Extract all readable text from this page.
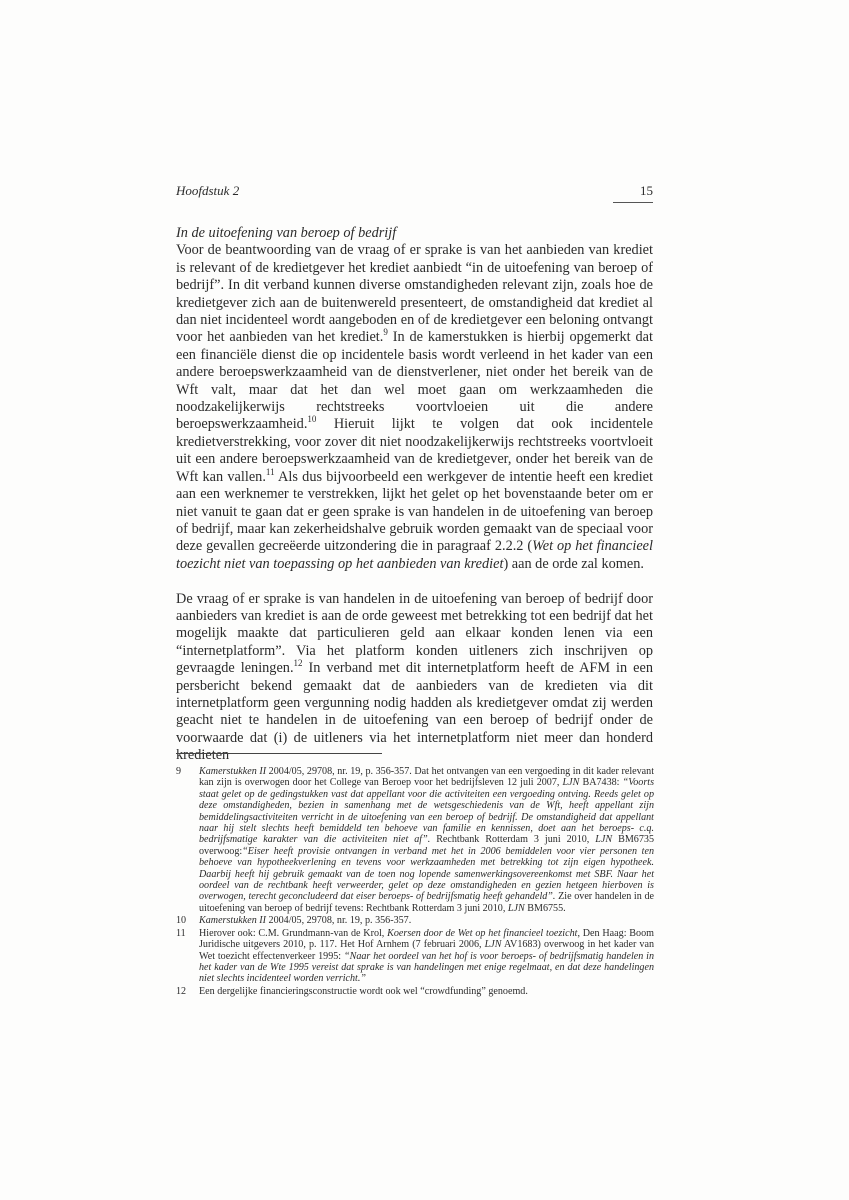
Hoofdstuk 2	15

In de uitoefening van beroep of bedrijf

Voor de beantwoording van de vraag of er sprake is van het aanbieden van krediet is relevant of de kredietgever het krediet aanbiedt “in de uitoefening van beroep of bedrijf”. In dit verband kunnen diverse omstandigheden relevant zijn, zoals hoe de kredietgever zich aan de buitenwereld presenteert, de omstandigheid dat krediet al dan niet incidenteel wordt aangeboden en of de kredietgever een beloning ontvangt voor het aanbieden van het krediet.$^9$ In de kamerstukken is hierbij opgemerkt dat een financiële dienst die op incidentele basis wordt verleend in het kader van een andere beroepswerkzaamheid van de dienstverlener, niet onder het bereik van de Wft valt, maar dat het dan wel moet gaan om werkzaamheden die noodzakelijkerwijs rechtstreeks voortvloeien uit die andere beroepswerkzaamheid.$^{10}$ Hieruit lijkt te volgen dat ook incidentele kredietverstrekking, voor zover dit niet noodzakelijkerwijs rechtstreeks voortvloeit uit een andere beroepswerkzaamheid van de kredietgever, onder het bereik van de Wft kan vallen.$^{11}$ Als dus bijvoorbeeld een werkgever de intentie heeft een krediet aan een werknemer te verstrekken, lijkt het gelet op het bovenstaande beter om er niet vanuit te gaan dat er geen sprake is van handelen in de uitoefening van beroep of bedrijf, maar kan zekerheidshalve gebruik worden gemaakt van de speciaal voor deze gevallen gecreëerde uitzondering die in paragraaf 2.2.2 (Wet op het financieel toezicht niet van toepassing op het aanbieden van krediet) aan de orde zal komen.

De vraag of er sprake is van handelen in de uitoefening van beroep of bedrijf door aanbieders van krediet is aan de orde geweest met betrekking tot een bedrijf dat het mogelijk maakte dat particulieren geld aan elkaar konden lenen via een “internetplatform”. Via het platform konden uitleners zich inschrijven op gevraagde leningen.$^{12}$ In verband met dit internetplatform heeft de AFM in een persbericht bekend gemaakt dat de aanbieders van de kredieten via dit internetplatform geen vergunning nodig hadden als kredietgever omdat zij werden geacht niet te handelen in de uitoefening van een beroep of bedrijf onder de voorwaarde dat (i) de uitleners via het internetplatform niet meer dan honderd kredieten

9	Kamerstukken II 2004/05, 29708, nr. 19, p. 356-357. Dat het ontvangen van een vergoeding in dit kader relevant kan zijn is overwogen door het College van Beroep voor het bedrijfsleven 12 juli 2007, LJN BA7438: “Voorts staat gelet op de gedingstukken vast dat appellant voor die activiteiten een vergoeding ontving. Reeds gelet op deze omstandigheden, bezien in samenhang met de wetsgeschiedenis van de Wft, heeft appellant zijn bemiddelingsactiviteiten verricht in de uitoefening van een beroep of bedrijf. De omstandigheid dat appellant naar hij stelt slechts heeft bemiddeld ten behoeve van familie en kennissen, doet aan het beroeps- c.q. bedrijfsmatige karakter van die activiteiten niet af”. Rechtbank Rotterdam 3 juni 2010, LJN BM6735 overwoog:“Eiser heeft provisie ontvangen in verband met het in 2006 bemiddelen voor vier personen ten behoeve van hypotheekverlening en tevens voor werkzaamheden met betrekking tot zijn eigen hypotheek. Daarbij heeft hij gebruik gemaakt van de toen nog lopende samenwerkingsovereenkomst met SBF. Naar het oordeel van de rechtbank heeft verweerder, gelet op deze omstandigheden en gezien hetgeen hierboven is overwogen, terecht geconcludeerd dat eiser beroeps- of bedrijfsmatig heeft gehandeld”. Zie over handelen in de uitoefening van beroep of bedrijf tevens: Rechtbank Rotterdam 3 juni 2010, LJN BM6755.
10	Kamerstukken II 2004/05, 29708, nr. 19, p. 356-357.
11	Hierover ook: C.M. Grundmann-van de Krol, Koersen door de Wet op het financieel toezicht, Den Haag: Boom Juridische uitgevers 2010, p. 117. Het Hof Arnhem (7 februari 2006, LJN AV1683) overwoog in het kader van Wet toezicht effectenverkeer 1995: “Naar het oordeel van het hof is voor beroeps- of bedrijfsmatig handelen in het kader van de Wte 1995 vereist dat sprake is van handelingen met enige regelmaat, en dat deze handelingen niet slechts incidenteel worden verricht.”
12	Een dergelijke financieringsconstructie wordt ook wel “crowdfunding” genoemd.
